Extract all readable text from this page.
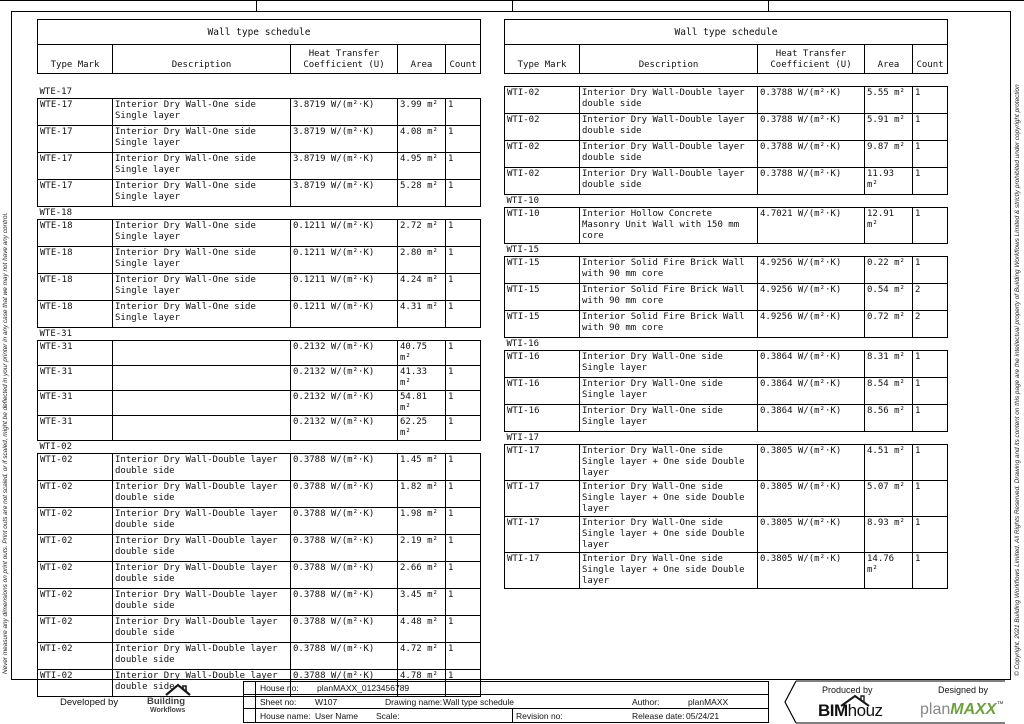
Never measure any dimensions on print outs. Print outs are not scaled, or if scaled, might be deflected in your printer in any case that we may not have any control.	© Copyright, 2021 Building Workflows Limited. All Rights Reserved. Drawing and its content on this page are the intellectual property of Building Workflows Limited & strictly prohibited under copyright protection
Wall type schedule				
Type Mark	Description	Heat Transfer Coefficient (U)	Area	Count

WTE-17				
WTE-17	Interior Dry Wall-One side Single layer	3.8719 W/(m²·K)	3.99 m²	1
WTE-17	Interior Dry Wall-One side Single layer	3.8719 W/(m²·K)	4.08 m²	1
WTE-17	Interior Dry Wall-One side Single layer	3.8719 W/(m²·K)	4.95 m²	1
WTE-17	Interior Dry Wall-One side Single layer	3.8719 W/(m²·K)	5.28 m²	1
WTE-18				
WTE-18	Interior Dry Wall-One side Single layer	0.1211 W/(m²·K)	2.72 m²	1
WTE-18	Interior Dry Wall-One side Single layer	0.1211 W/(m²·K)	2.80 m²	1
WTE-18	Interior Dry Wall-One side Single layer	0.1211 W/(m²·K)	4.24 m²	1
WTE-18	Interior Dry Wall-One side Single layer	0.1211 W/(m²·K)	4.31 m²	1
WTE-31				
WTE-31		0.2132 W/(m²·K)	40.75 m²	1
WTE-31		0.2132 W/(m²·K)	41.33 m²	1
WTE-31		0.2132 W/(m²·K)	54.81 m²	1
WTE-31		0.2132 W/(m²·K)	62.25 m²	1
WTI-02				
WTI-02	Interior Dry Wall-Double layer double side	0.3788 W/(m²·K)	1.45 m²	1
WTI-02	Interior Dry Wall-Double layer double side	0.3788 W/(m²·K)	1.82 m²	1
WTI-02	Interior Dry Wall-Double layer double side	0.3788 W/(m²·K)	1.98 m²	1
WTI-02	Interior Dry Wall-Double layer double side	0.3788 W/(m²·K)	2.19 m²	1
WTI-02	Interior Dry Wall-Double layer double side	0.3788 W/(m²·K)	2.66 m²	1
WTI-02	Interior Dry Wall-Double layer double side	0.3788 W/(m²·K)	3.45 m²	1
WTI-02	Interior Dry Wall-Double layer double side	0.3788 W/(m²·K)	4.48 m²	1
WTI-02	Interior Dry Wall-Double layer double side	0.3788 W/(m²·K)	4.72 m²	1
WTI-02	Interior Dry Wall-Double layer double side	0.3788 W/(m²·K)	4.78 m²	1
Wall type schedule				
Type Mark	Description	Heat Transfer Coefficient (U)	Area	Count

WTI-02	Interior Dry Wall-Double layer double side	0.3788 W/(m²·K)	5.55 m²	1
WTI-02	Interior Dry Wall-Double layer double side	0.3788 W/(m²·K)	5.91 m²	1
WTI-02	Interior Dry Wall-Double layer double side	0.3788 W/(m²·K)	9.87 m²	1
WTI-02	Interior Dry Wall-Double layer double side	0.3788 W/(m²·K)	11.93 m²	1
WTI-10				
WTI-10	Interior Hollow Concrete Masonry Unit Wall with 150 mm core	4.7021 W/(m²·K)	12.91 m²	1
WTI-15				
WTI-15	Interior Solid Fire Brick Wall with 90 mm core	4.9256 W/(m²·K)	0.22 m²	1
WTI-15	Interior Solid Fire Brick Wall with 90 mm core	4.9256 W/(m²·K)	0.54 m²	2
WTI-15	Interior Solid Fire Brick Wall with 90 mm core	4.9256 W/(m²·K)	0.72 m²	2
WTI-16				
WTI-16	Interior Dry Wall-One side Single layer	0.3864 W/(m²·K)	8.31 m²	1
WTI-16	Interior Dry Wall-One side Single layer	0.3864 W/(m²·K)	8.54 m²	1
WTI-16	Interior Dry Wall-One side Single layer	0.3864 W/(m²·K)	8.56 m²	1
WTI-17				
WTI-17	Interior Dry Wall-One side Single layer + One side Double layer	0.3805 W/(m²·K)	4.51 m²	1
WTI-17	Interior Dry Wall-One side Single layer + One side Double layer	0.3805 W/(m²·K)	5.07 m²	1
WTI-17	Interior Dry Wall-One side Single layer + One side Double layer	0.3805 W/(m²·K)	8.93 m²	1
WTI-17	Interior Dry Wall-One side Single layer + One side Double layer	0.3805 W/(m²·K)	14.76 m²	1
Developed by	Building
Workflows
House no: planMAXX_0123456789
Sheet no: W107	Drawing name: Wall type schedule	Author:	planMAXX
House name: User Name Scale:	Revision no:	Release date: 05/24/21
Produced by
BIMhouz
Designed by
planMAXX™
